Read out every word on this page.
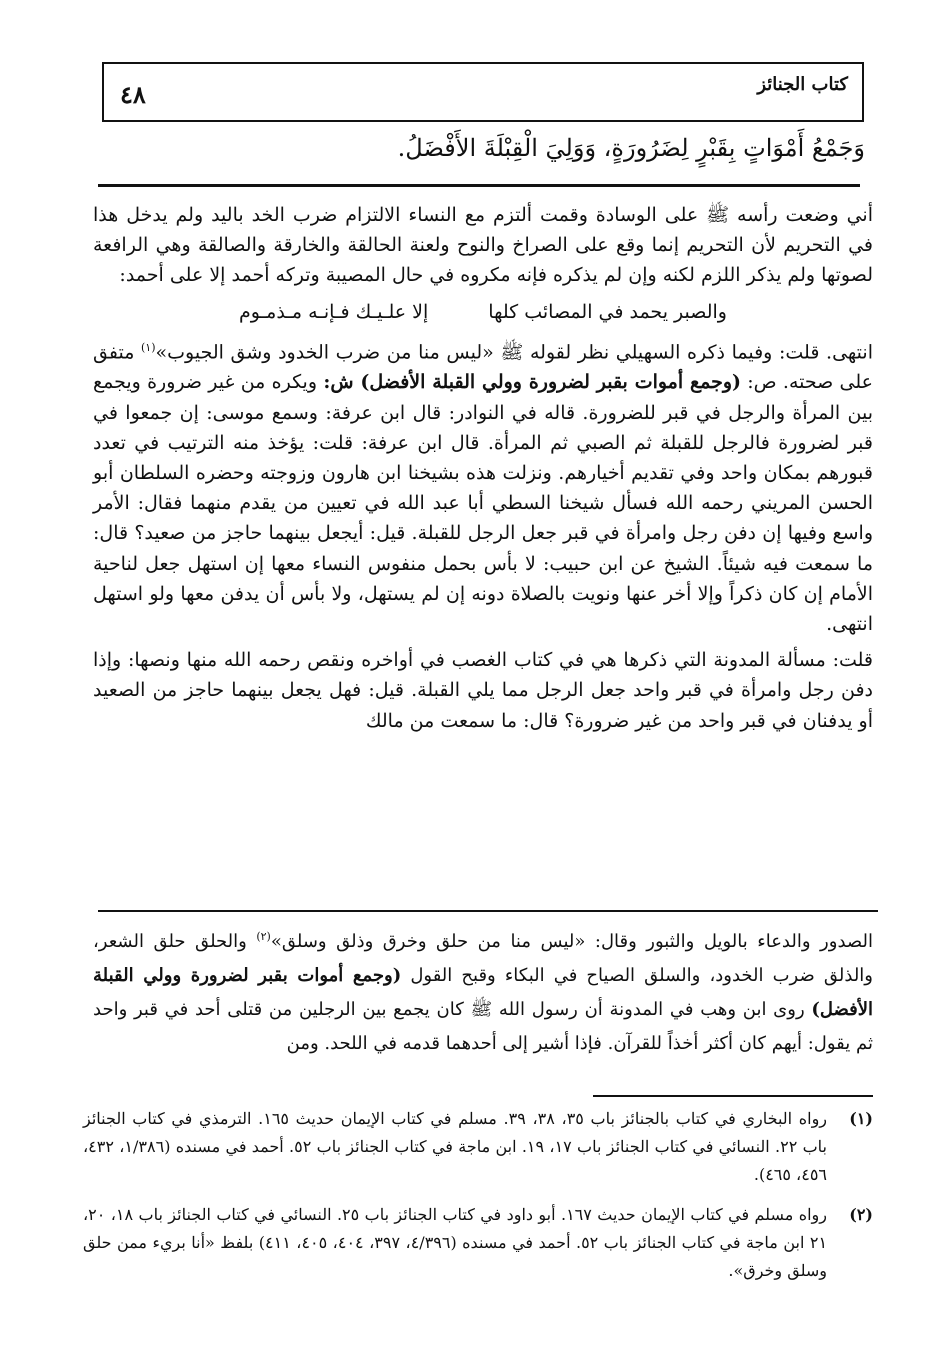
كتاب الجنائز
٤٨
وَجَمْعُ أَمْوَاتٍ بِقَبْرٍ لِضَرُورَةٍ، وَوَلِيَ الْقِبْلَةَ الأَفْضَلُ.

أني وضعت رأسه ﷺ على الوسادة وقمت ألتزم مع النساء الالتزام ضرب الخد باليد ولم يدخل هذا في التحريم لأن التحريم إنما وقع على الصراخ والنوح ولعنة الحالقة والخارقة والصالقة وهي الرافعة لصوتها ولم يذكر اللزم لكنه وإن لم يذكره فإنه مكروه في حال المصيبة وتركه أحمد إلا على أحمد:

والصبر يحمد في المصائب كلها
إلا علـيـك فـإنـه مـذمـوم

انتهى. قلت: وفيما ذكره السهيلي نظر لقوله ﷺ «ليس منا من ضرب الخدود وشق الجيوب»$^{(١)}$ متفق على صحته. ص: (وجمع أموات بقبر لضرورة وولي القبلة الأفضل) ش: ويكره من غير ضرورة ويجمع بين المرأة والرجل في قبر للضرورة. قاله في النوادر: قال ابن عرفة: وسمع موسى: إن جمعوا في قبر لضرورة فالرجل للقبلة ثم الصبي ثم المرأة. قال ابن عرفة: قلت: يؤخذ منه الترتيب في تعدد قبورهم بمكان واحد وفي تقديم أخيارهم. ونزلت هذه بشيخنا ابن هارون وزوجته وحضره السلطان أبو الحسن المريني رحمه الله فسأل شيخنا السطي أبا عبد الله في تعيين من يقدم منهما فقال: الأمر واسع وفيها إن دفن رجل وامرأة في قبر جعل الرجل للقبلة. قيل: أيجعل بينهما حاجز من صعيد؟ قال: ما سمعت فيه شيئاً. الشيخ عن ابن حبيب: لا بأس بحمل منفوس النساء معها إن استهل جعل لناحية الأمام إن كان ذكراً وإلا أخر عنها ونويت بالصلاة دونه إن لم يستهل، ولا بأس أن يدفن معها ولو استهل انتهى.

قلت: مسألة المدونة التي ذكرها هي في كتاب الغصب في أواخره ونقص رحمه الله منها ونصها: وإذا دفن رجل وامرأة في قبر واحد جعل الرجل مما يلي القبلة. قيل: فهل يجعل بينهما حاجز من الصعيد أو يدفنان في قبر واحد من غير ضرورة؟ قال: ما سمعت من مالك

الصدور والدعاء بالويل والثبور وقال: «ليس منا من حلق وخرق وذلق وسلق»$^{(٢)}$ والحلق حلق الشعر، والذلق ضرب الخدود، والسلق الصياح في البكاء وقبح القول (وجمع أموات بقبر لضرورة وولي القبلة الأفضل) روى ابن وهب في المدونة أن رسول الله ﷺ كان يجمع بين الرجلين من قتلى أحد في قبر واحد ثم يقول: أيهم كان أكثر أخذاً للقرآن. فإذا أشير إلى أحدهما قدمه في اللحد. ومن

(١)
رواه البخاري في كتاب بالجنائز باب ٣٥، ٣٨، ٣٩. مسلم في كتاب الإيمان حديث ١٦٥. الترمذي في كتاب الجنائز باب ٢٢. النسائي في كتاب الجنائز باب ١٧، ١٩. ابن ماجة في كتاب الجنائز باب ٥٢. أحمد في مسنده (١/٣٨٦، ٤٣٢، ٤٥٦، ٤٦٥).
(٢)
رواه مسلم في كتاب الإيمان حديث ١٦٧. أبو داود في كتاب الجنائز باب ٢٥. النسائي في كتاب الجنائز باب ١٨، ٢٠، ٢١ ابن ماجة في كتاب الجنائز باب ٥٢. أحمد في مسنده (٤/٣٩٦، ٣٩٧، ٤٠٤، ٤٠٥، ٤١١) بلفظ «أنا بريء ممن حلق وسلق وخرق».
